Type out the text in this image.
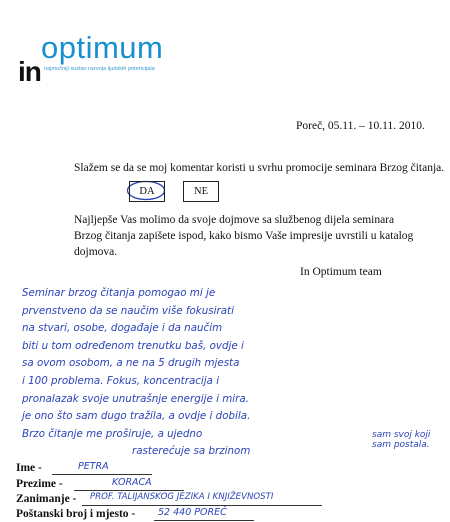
optimum
in najmočniji sustav razvoja ljudskih potencijala
Poreč, 05.11. – 10.11. 2010.
Slažem se da se moj komentar koristi u svrhu promocije seminara Brzog čitanja.
DA	NE
Najljepše Vas molimo da svoje dojmove sa službenog dijela seminara Brzog čitanja zapišete ispod, kako bismo Vaše impresije uvrstili u katalog dojmova.
In Optimum team
Seminar brzog čitanja pomogao mi je
prvenstveno da se naučim više fokusirati
na stvari, osobe, događaje i da naučim
biti u tom određenom trenutku baš, ovdje i
sa ovom osobom, a ne na 5 drugih mjesta
i 100 problema. Fokus, koncentracija i
pronalazak svoje unutrašnje energije i mira.
je ono što sam dugo tražila, a ovdje i dobila.
Brzo čitanje me proširuje, a ujedno
rasterećuje sa brzinom
sam svoj koji sam postala.
Ime -	PETRA
Prezime -	KORACA
Zanimanje - PROF. TALIJANSKOG JEZIKA I KNJIŽEVNOSTI
Poštanski broj i mjesto - 52 440 POREČ
